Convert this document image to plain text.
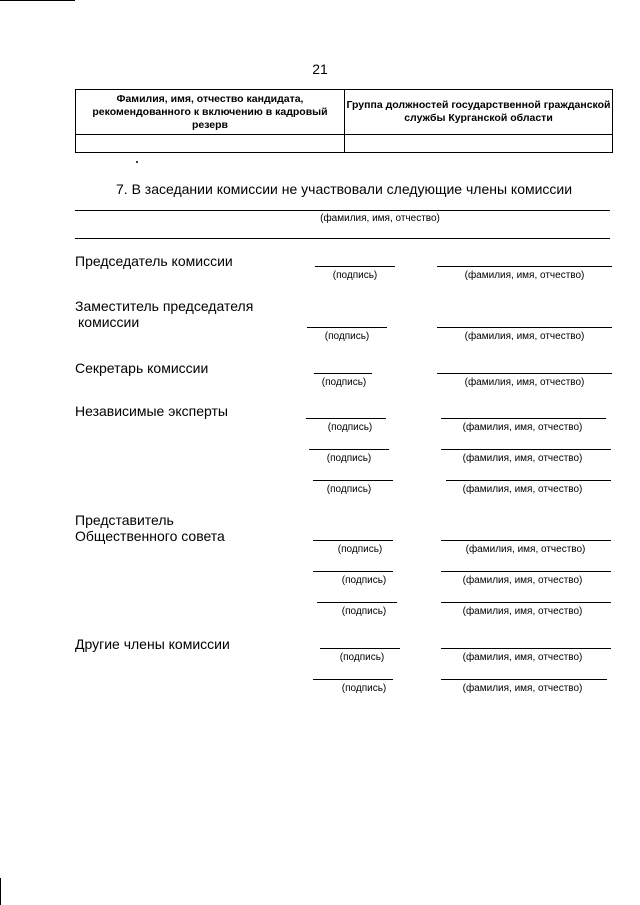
21
Фамилия, имя, отчество кандидата, рекомендованного к включению в кадровый резерв	Группа должностей государственной гражданской службы Курганской области

7. В заседании комиссии не участвовали следующие члены комиссии
(фамилия, имя, отчество)
Председатель комиссии
(подпись)	(фамилия, имя, отчество)
Заместитель председателя
комиссии
(подпись)	(фамилия, имя, отчество)
Секретарь комиссии
(подпись)	(фамилия, имя, отчество)
Независимые эксперты
(подпись)	(фамилия, имя, отчество)
(подпись)	(фамилия, имя, отчество)
(подпись)	(фамилия, имя, отчество)
Представитель
Общественного совета
(подпись)	(фамилия, имя, отчество)
(подпись)	(фамилия, имя, отчество)
(подпись)	(фамилия, имя, отчество)
Другие члены комиссии
(подпись)	(фамилия, имя, отчество)
(подпись)	(фамилия, имя, отчество)
